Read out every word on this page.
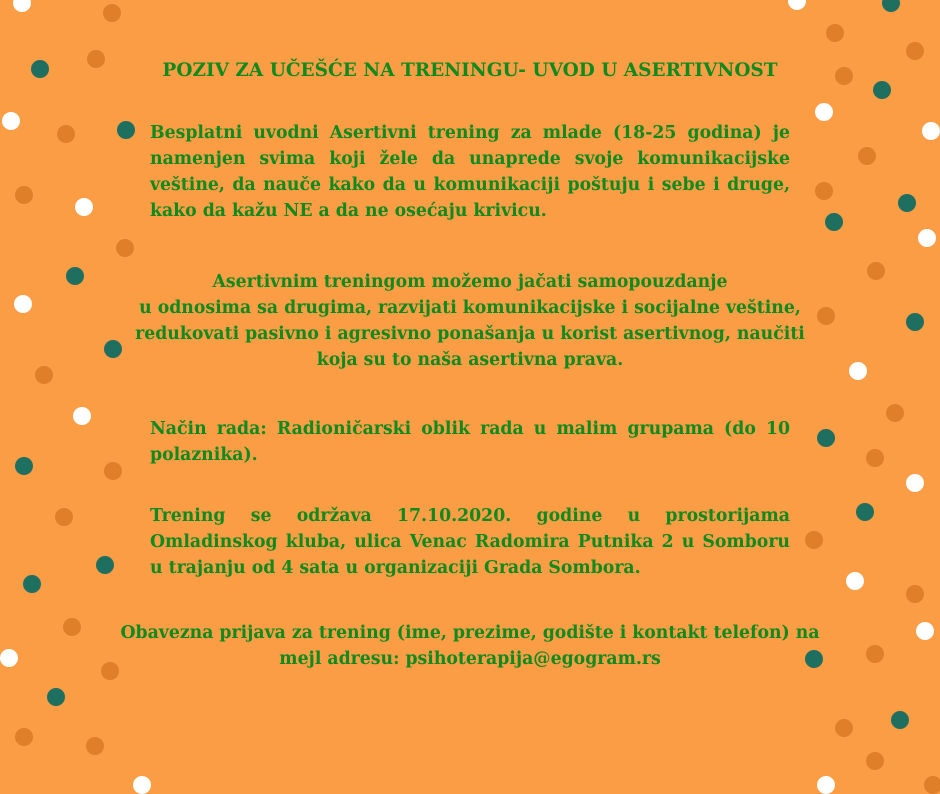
POZIV ZA UČEŠĆE NA TRENINGU- UVOD U ASERTIVNOST
Besplatni uvodni Asertivni trening za mlade (18-25 godina) je namenjen svima koji žele da unaprede svoje komunikacijske veštine, da nauče kako da u komunikaciji poštuju i sebe i druge, kako da kažu NE a da ne osećaju krivicu.
Asertivnim treningom možemo jačati samopouzdanje
u odnosima sa drugima, razvijati komunikacijske i socijalne veštine,
redukovati pasivno i agresivno ponašanja u korist asertivnog, naučiti
koja su to naša asertivna prava.
Način rada: Radioničarski oblik rada u malim grupama (do 10 polaznika).
Trening se održava 17.10.2020. godine u prostorijama Omladinskog kluba, ulica Venac Radomira Putnika 2 u Somboru u trajanju od 4 sata u organizaciji Grada Sombora.
Obavezna prijava za trening (ime, prezime, godište i kontakt telefon) na
mejl adresu: psihoterapija@egogram.rs
